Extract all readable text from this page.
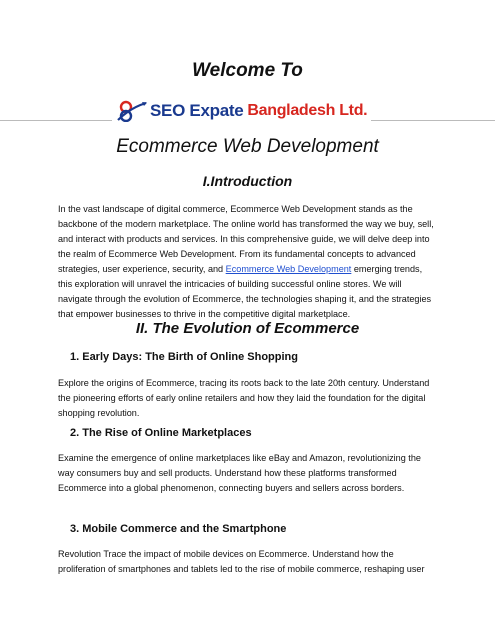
Welcome To
SEO Expate Bangladesh Ltd.
Ecommerce Web Development
I.Introduction

In the vast landscape of digital commerce, Ecommerce Web Development stands as the backbone of the modern marketplace. The online world has transformed the way we buy, sell, and interact with products and services. In this comprehensive guide, we will delve deep into the realm of Ecommerce Web Development. From its fundamental concepts to advanced strategies, user experience, security, and Ecommerce Web Development emerging trends, this exploration will unravel the intricacies of building successful online stores. We will navigate through the evolution of Ecommerce, the technologies shaping it, and the strategies that empower businesses to thrive in the competitive digital marketplace.

II. The Evolution of Ecommerce
1. Early Days: The Birth of Online Shopping

Explore the origins of Ecommerce, tracing its roots back to the late 20th century. Understand the pioneering efforts of early online retailers and how they laid the foundation for the digital shopping revolution.

2. The Rise of Online Marketplaces

Examine the emergence of online marketplaces like eBay and Amazon, revolutionizing the way consumers buy and sell products. Understand how these platforms transformed Ecommerce into a global phenomenon, connecting buyers and sellers across borders.

3. Mobile Commerce and the Smartphone

Revolution Trace the impact of mobile devices on Ecommerce. Understand how the proliferation of smartphones and tablets led to the rise of mobile commerce, reshaping user
